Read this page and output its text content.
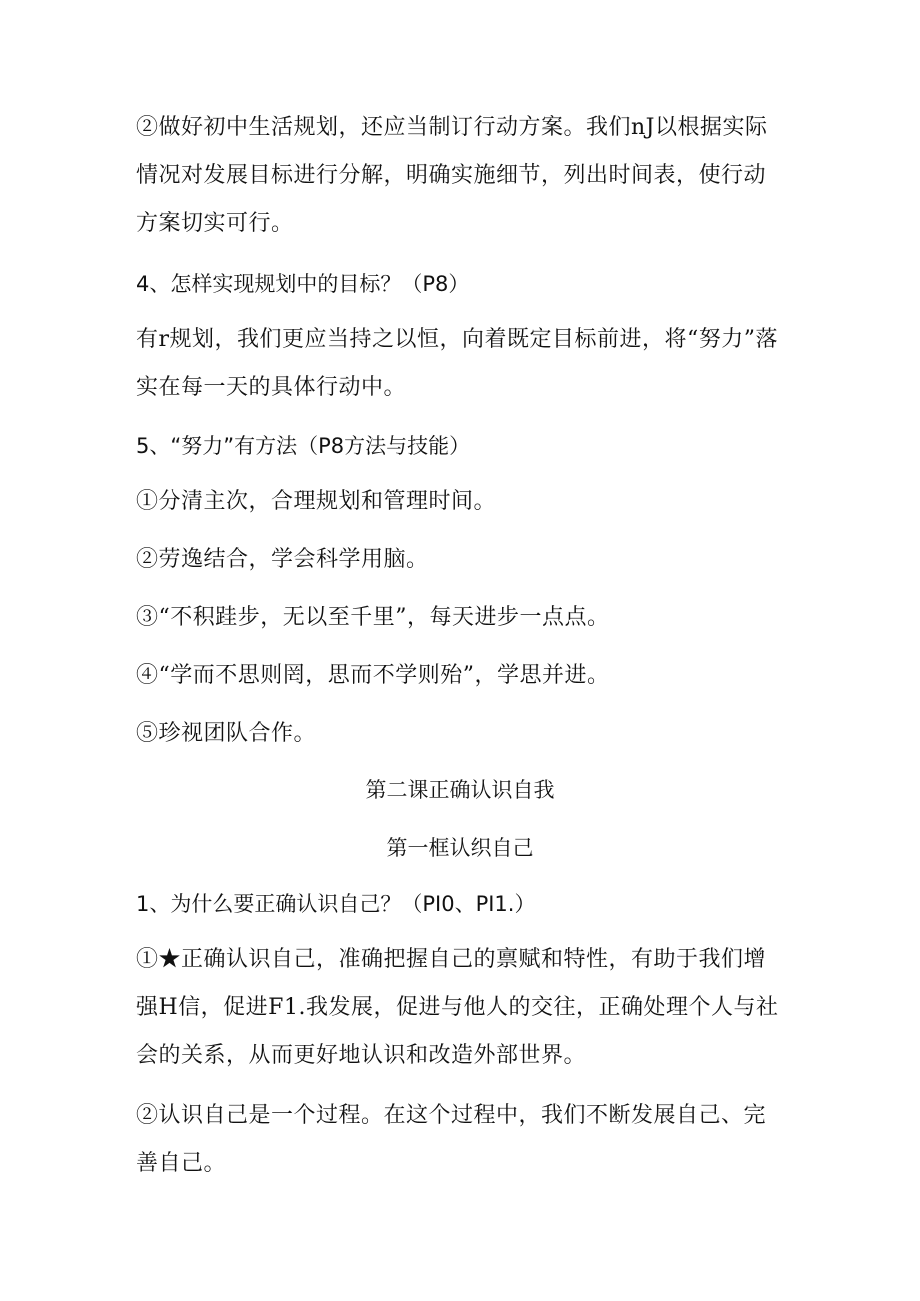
②做好初中生活规划，还应当制订行动方案。我们nJ以根据实际情况对发展目标进行分解，明确实施细节，列出时间表，使行动方案切实可行。

4、怎样实现规划中的目标？（P8）

有r规划，我们更应当持之以恒，向着既定目标前进，将“努力”落实在每一天的具体行动中。

5、“努力”有方法（P8方法与技能）

①分清主次，合理规划和管理时间。

②劳逸结合，学会科学用脑。

③“不积跬步，无以至千里”，每天进步一点点。

④“学而不思则罔，思而不学则殆”，学思并进。

⑤珍视团队合作。

第二课正确认识自我
第一框认织自己
1、为什么要正确认识自己？（PI0、PI1.）

①★正确认识自己，准确把握自己的禀赋和特性，有助于我们增强H信，促进F1.我发展，促进与他人的交往，正确处理个人与社会的关系，从而更好地认识和改造外部世界。

②认识自己是一个过程。在这个过程中，我们不断发展自己、完善自己。
